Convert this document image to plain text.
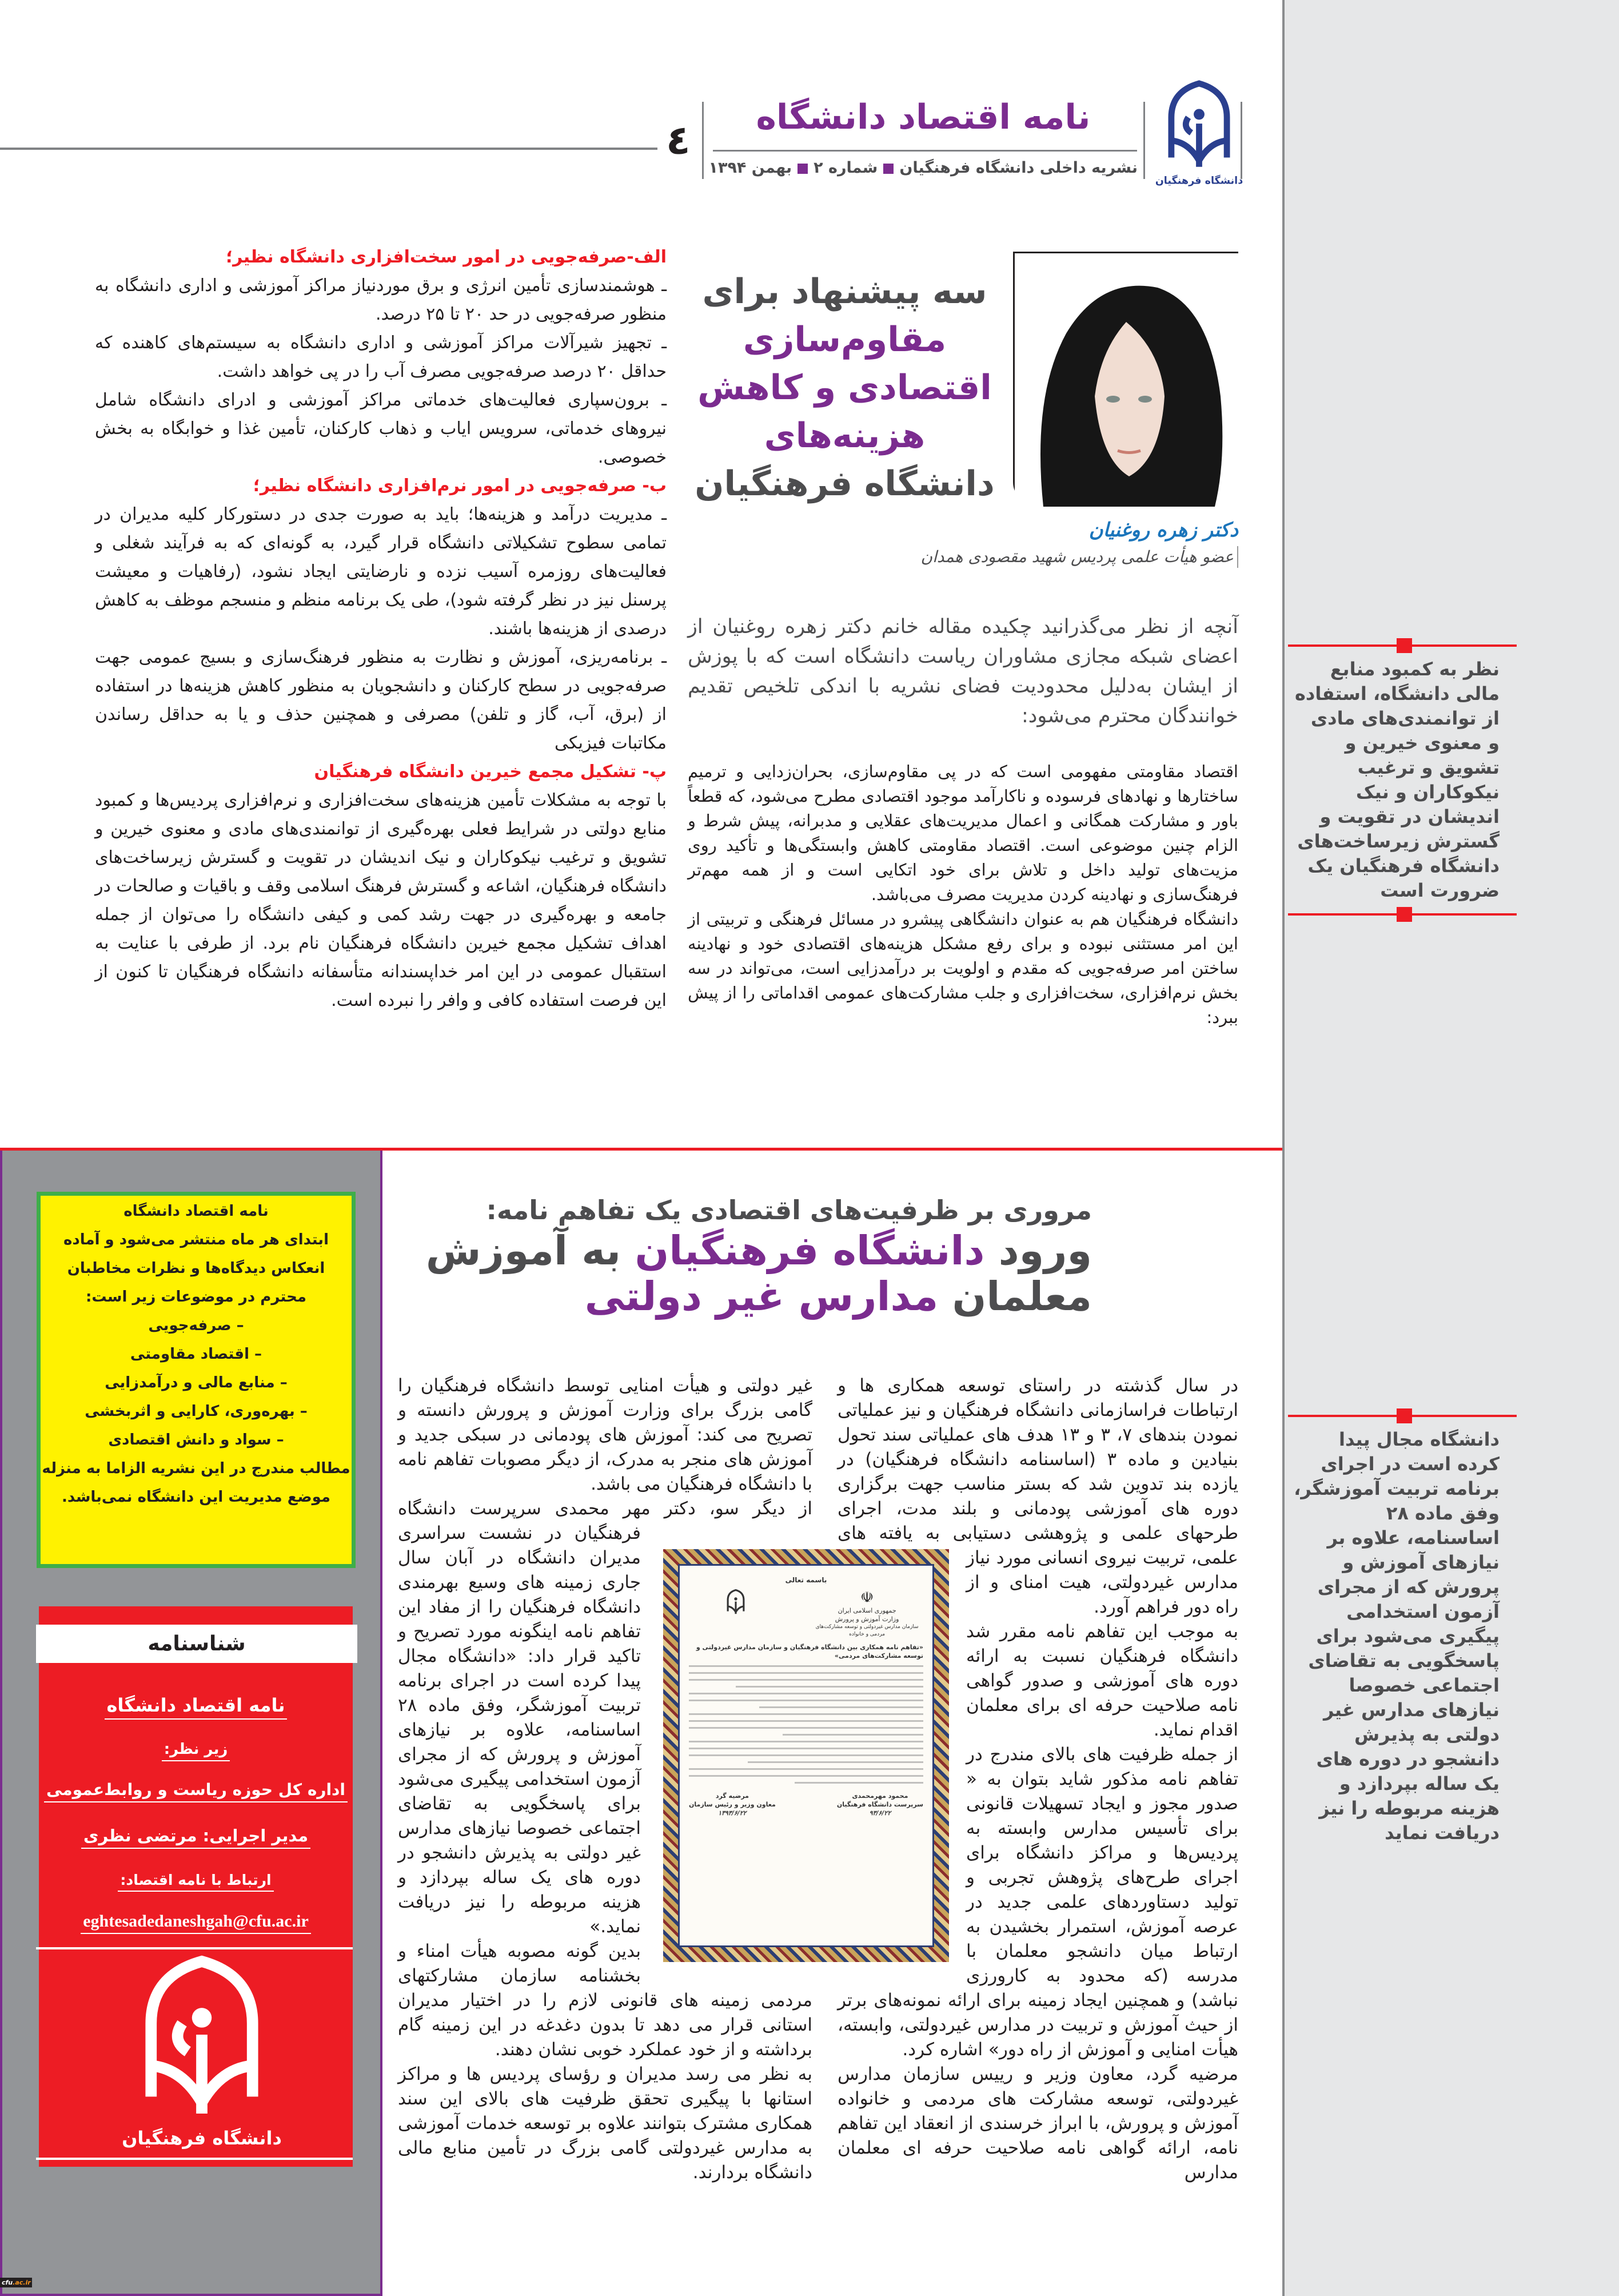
٤	نامه اقتصاد دانشگاه
نشریه داخلی دانشگاه فرهنگیانشماره ۲بهمن ۱۳۹۴
دانشگاه فرهنگیان
سه پیشنهاد برای
مقاوم‌سازی
اقتصادی و کاهش
هزینه‌های
دانشگاه فرهنگیان
دکتر زهره روغنیان
عضو هیأت علمی پردیس شهید مقصودی همدان
آنچه از نظر می‌گذرانید چکیده مقاله خانم دکتر زهره روغنیان از اعضای شبکه مجازی مشاوران ریاست دانشگاه است که با پوزش از ایشان به‌دلیل محدودیت فضای نشریه با اندکی تلخیص تقدیم خوانندگان محترم می‌شود:

اقتصاد مقاومتی مفهومی است که در پی مقاوم‌سازی، بحران‌زدایی و ترمیم ساختارها و نهادهای فرسوده و ناکارآمد موجود اقتصادی مطرح می‌شود، که قطعاً باور و مشارکت همگانی و اعمال مدیریت‌های عقلایی و مدبرانه، پیش شرط و الزام چنین موضوعی است. اقتصاد مقاومتی کاهش وابستگی‌ها و تأکید روی مزیت‌های تولید داخل و تلاش برای خود اتکایی است و از همه مهم‌تر فرهنگ‌سازی و نهادینه کردن مدیریت مصرف می‌باشد.

دانشگاه فرهنگیان هم به عنوان دانشگاهی پیشرو در مسائل فرهنگی و تربیتی از این امر مستثنی نبوده و برای رفع مشکل هزینه‌های اقتصادی خود و نهادینه ساختن امر صرفه‌جویی که مقدم و اولویت بر درآمدزایی است، می‌تواند در سه بخش نرم‌افزاری، سخت‌افزاری و جلب مشارکت‌های عمومی اقداماتی را از پیش ببرد:

الف-صرفه‌جویی در امور سخت‌افزاری دانشگاه نظیر؛

ـ هوشمندسازی تأمین انرژی و برق موردنیاز مراکز آموزشی و اداری دانشگاه به منظور صرفه‌جویی در حد ۲۰ تا ۲۵ درصد.

ـ تجهیز شیرآلات مراکز آموزشی و اداری دانشگاه به سیستم‌های کاهنده که حداقل ۲۰ درصد صرفه‌جویی مصرف آب را در پی خواهد داشت.

ـ برون‌سپاری فعالیت‌های خدماتی مراکز آموزشی و ادرای دانشگاه شامل نیروهای خدماتی، سرویس ایاب و ذهاب کارکنان، تأمین غذا و خوابگاه به بخش خصوصی.

ب- صرفه‌جویی در امور نرم‌افزاری دانشگاه نظیر؛

ـ مدیریت درآمد و هزینه‌ها؛ باید به صورت جدی در دستورکار کلیه مدیران در تمامی سطوح تشکیلاتی دانشگاه قرار گیرد، به گونه‌ای که به فرآیند شغلی و فعالیت‌های روزمره آسیب نزده و نارضایتی ایجاد نشود، (رفاهیات و معیشت پرسنل نیز در نظر گرفته شود)، طی یک برنامه منظم و منسجم موظف به کاهش درصدی از هزینه‌ها باشند.

ـ برنامه‌ریزی، آموزش و نظارت به منظور فرهنگ‌سازی و بسیج عمومی جهت صرفه‌جویی در سطح کارکنان و دانشجویان به منظور کاهش هزینه‌ها در استفاده از (برق، آب، گاز و تلفن) مصرفی و همچنین حذف و یا به حداقل رساندن مکاتبات فیزیکی

پ- تشکیل مجمع خیرین دانشگاه فرهنگیان

با توجه به مشکلات تأمین هزینه‌های سخت‌افزاری و نرم‌افزاری پردیس‌ها و کمبود منابع دولتی در شرایط فعلی بهره‌گیری از توانمندی‌های مادی و معنوی خیرین و تشویق و ترغیب نیکوکاران و نیک اندیشان در تقویت و گسترش زیرساخت‌های دانشگاه فرهنگیان، اشاعه و گسترش فرهنگ اسلامی وقف و باقیات و صالحات در جامعه و بهره‌گیری در جهت رشد کمی و کیفی دانشگاه را می‌توان از جمله اهداف تشکیل مجمع خیرین دانشگاه فرهنگیان نام برد. از طرفی با عنایت به استقبال عمومی در این امر خداپسندانه متأسفانه دانشگاه فرهنگیان تا کنون از این فرصت استفاده کافی و وافر را نبرده است.

نظر به کمبود منابع مالی دانشگاه، استفاده از توانمندی‌های مادی و معنوی خیرین و تشویق و ترغیب نیکوکاران و نیک اندیشان در تقویت و گسترش زیرساخت‌های دانشگاه فرهنگیان یک ضرورت است
دانشگاه مجال پیدا کرده است در اجرای برنامه تربیت آموزشگر، وفق ماده ۲۸ اساسنامه، علاوه بر نیازهای آموزش و پرورش که از مجرای آزمون استخدامی پیگیری می‌شود برای پاسخگویی به تقاضای اجتماعی خصوصا نیازهای مدارس غیر دولتی به پذیرش دانشجو در دوره های یک ساله بپردازد و هزینه مربوطه را نیز دریافت نماید
نامه اقتصاد دانشگاه
ابتدای هر ماه منتشر می‌شود و آماده
انعکاس دیدگاه‌ها و نظرات مخاطبان
محترم در موضوعات زیر است:
– صرفه‌جویی
– اقتصاد مقاومتی
– منابع مالی و درآمدزایی
– بهره‌وری، کارایی و اثربخشی
– سواد و دانش اقتصادی
مطالب مندرج در این نشریه الزاما به منزله
موضع مدیریت این دانشگاه نمی‌باشد.
شناسنامه
نامه اقتصاد دانشگاه
زیر نظر:
اداره کل حوزه ریاست و روابط‌عمومی
مدیر اجرایی: مرتضی نظری
ارتباط با نامه اقتصاد:
eghtesadedaneshgah@cfu.ac.ir
دانشگاه فرهنگیان
cfu.ac.ir
مروری بر ظرفیت‌های اقتصادی یک تفاهم نامه:
ورود دانشگاه فرهنگیان به آموزش
معلمان مدارس غیر دولتی

در سال گذشته در راستای توسعه همکاری ها و ارتباطات فراسازمانی دانشگاه فرهنگیان و نیز عملیاتی نمودن بندهای ۷، ۳ و ۱۳ هدف های عملیاتی سند تحول بنیادین و ماده ۳ (اساسنامه دانشگاه فرهنگیان) در یازده بند تدوین شد که بستر مناسب جهت برگزاری دوره های آموزشی پودمانی و بلند مدت، اجرای طرحهای علمی و پژوهشی دستیابی به یافته های علمی، تربیت نیروی انسانی مورد نیاز مدارس غیردولتی، هیت امنای و از راه دور فراهم آورد.

به موجب این تفاهم نامه مقرر شد دانشگاه فرهنگیان نسبت به ارائه دوره های آموزشی و صدور گواهی نامه صلاحیت حرفه ای برای معلمان اقدام نماید.

از جمله ظرفیت های بالای مندرج در تفاهم نامه مذکور شاید بتوان به « صدور مجوز و ایجاد تسهیلات قانونی برای تأسیس مدارس وابسته به پردیس‌ها و مراکز دانشگاه برای اجرای طرح‌های پژوهش تجربی و تولید دستاوردهای علمی جدید در عرصه آموزش، استمرار بخشیدن به ارتباط میان دانشجو معلمان با مدرسه (که محدود به کارورزی نباشد) و همچنین ایجاد زمینه برای ارائه نمونه‌های برتر از حیث آموزش و تربیت در مدارس غیردولتی، وابسته، هیأت امنایی و آموزش از راه دور» اشاره کرد.

مرضیه گرد، معاون وزیر و رییس سازمان مدارس غیردولتی، توسعه مشارکت های مردمی و خانواده آموزش و پرورش، با ابراز خرسندی از انعقاد این تفاهم نامه، ارائه گواهی نامه صلاحیت حرفه ای معلمان مدارس

غیر دولتی و هیأت امنایی توسط دانشگاه فرهنگیان را گامی بزرگ برای وزارت آموزش و پرورش دانسته و تصریح می کند: آموزش های پودمانی در سبکی جدید و آموزش های منجر به مدرک، از دیگر مصوبات تفاهم نامه با دانشگاه فرهنگیان می باشد.

از دیگر سو، دکتر مهر محمدی سرپرست دانشگاه فرهنگیان در نشست سراسری مدیران دانشگاه در آبان سال جاری زمینه های وسیع بهرمندی دانشگاه فرهنگیان را از مفاد این تفاهم نامه اینگونه مورد تصریح و تاکید قرار داد: «دانشگاه مجال پیدا کرده است در اجرای برنامه تربیت آموزشگر، وفق ماده ۲۸ اساسنامه، علاوه بر نیازهای آموزش و پرورش که از مجرای آزمون استخدامی پیگیری می‌شود برای پاسخگویی به تقاضای اجتماعی خصوصا نیازهای مدارس غیر دولتی به پذیرش دانشجو در دوره های یک ساله بپردازد و هزینه مربوطه را نیز دریافت نماید.»

بدین گونه مصوبه هیأت امناء و بخشنامه سازمان مشارکتهای مردمی زمینه های قانونی لازم را در اختیار مدیران استانی قرار می دهد تا بدون دغدغه در این زمینه گام برداشته و از خود عملکرد خوبی نشان دهند.

به نظر می رسد مدیران و رؤسای پردیس ها و مراکز استانها با پیگیری تحقق ظرفیت های بالای این سند همکاری مشترک بتوانند علاوه بر توسعه خدمات آموزشی به مدارس غیردولتی گامی بزرگ در تأمین منابع مالی دانشگاه بردارند.

باسمه تعالی
☫
جمهوری اسلامی ایران
وزارت آموزش و پرورش
سازمان مدارس غیردولتی و توسعه مشارکت‌های مردمی و خانواده
«تفاهم نامه همکاری بین دانشگاه فرهنگیان و سازمان مدارس غیردولتی و توسعه مشارکت‌های مردمی»
محمود مهرمحمدی
سرپرست دانشگاه فرهنگیان
۹۳/۶/۲۲
مرضیه گرد
معاون وزیر و رئیس سازمان
۱۳۹۳/۶/۲۲
